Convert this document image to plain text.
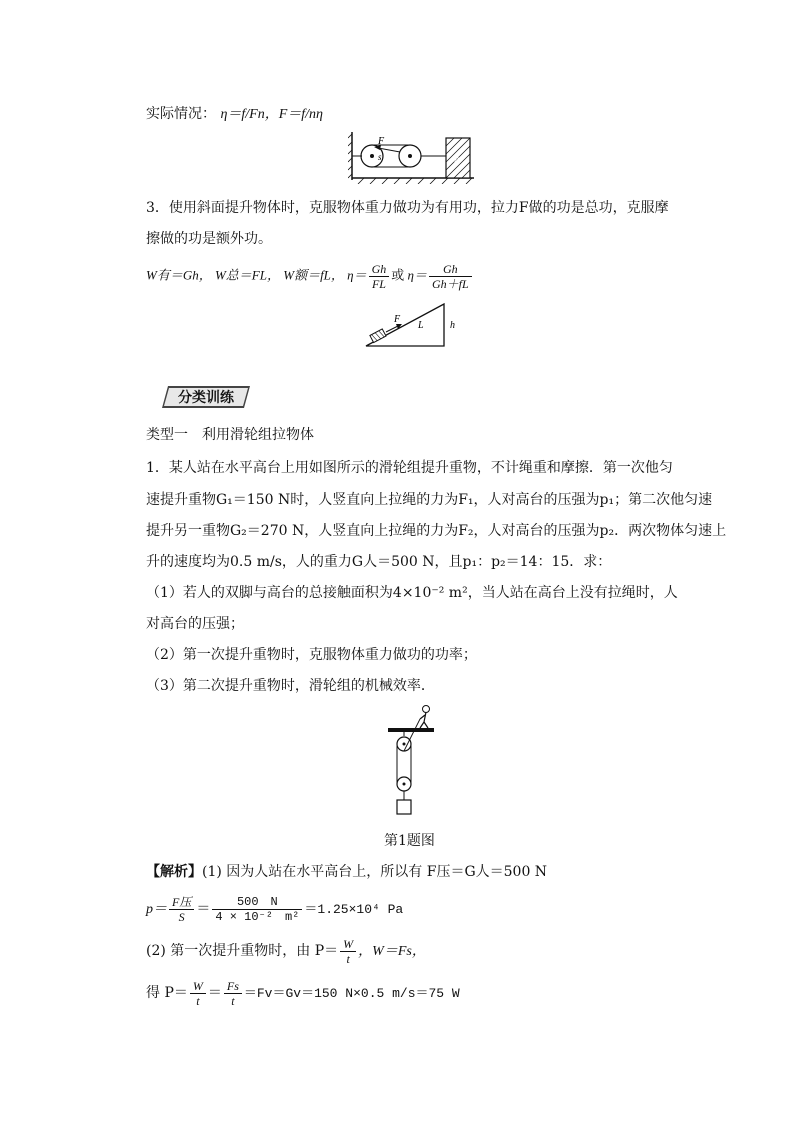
实际情况： η＝f/Fn，F＝f/nη
F
s	A
3．使用斜面提升物体时，克服物体重力做功为有用功，拉力F做的功是总功，克服摩
擦做的功是额外功。
W有＝Gh， W总＝FL， W额＝fL， $\eta= \frac{Gh}{FL}$ 或 $\eta= \frac{Gh}{Gh+fL}$
F
L	h
分类训练
类型一　利用滑轮组拉物体
1．某人站在水平高台上用如图所示的滑轮组提升重物，不计绳重和摩擦．第一次他匀
速提升重物G₁＝150 N时，人竖直向上拉绳的力为F₁，人对高台的压强为p₁；第二次他匀速
提升另一重物G₂＝270 N，人竖直向上拉绳的力为F₂，人对高台的压强为p₂．两次物体匀速上
升的速度均为0.5 m/s，人的重力G人＝500 N，且p₁：p₂＝14：15．求：
（1）若人的双脚与高台的总接触面积为4×10⁻² m²，当人站在高台上没有拉绳时，人
对高台的压强；
（2）第一次提升重物时，克服物体重力做功的功率；
（3）第二次提升重物时，滑轮组的机械效率．
第1题图
【解析】(1) 因为人站在水平高台上，所以有 F压＝G人＝500 N
$p= \frac{\text{F压}}{S} = \frac{500 N}{\text{4 × 10⁻²　m²}} =1.25\times 10^4$ Pa
(2) 第一次提升重物时，由 $P= \frac{W}{t}$ ，W＝Fs，
得 $P= \frac{W}{t} = \frac{Fs}{t} =Fv=Gv=150$ N×0.5 m/s＝75 W
